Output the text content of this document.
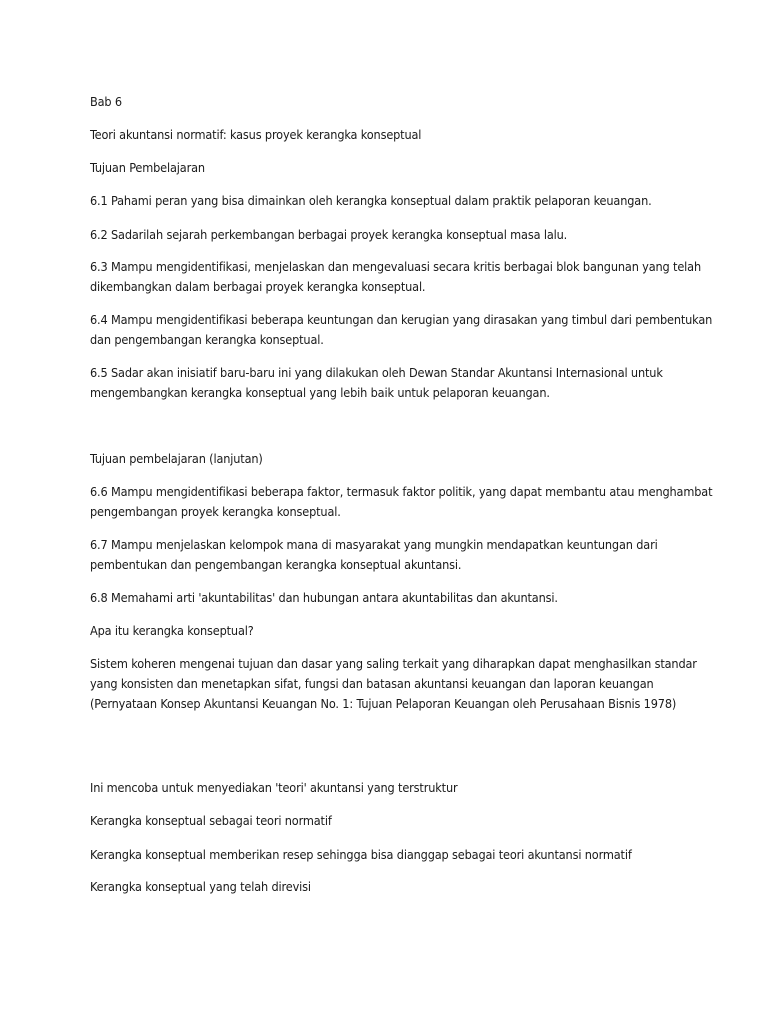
Bab 6

Teori akuntansi normatif: kasus proyek kerangka konseptual

Tujuan Pembelajaran

6.1 Pahami peran yang bisa dimainkan oleh kerangka konseptual dalam praktik pelaporan keuangan.

6.2 Sadarilah sejarah perkembangan berbagai proyek kerangka konseptual masa lalu.

6.3 Mampu mengidentifikasi, menjelaskan dan mengevaluasi secara kritis berbagai blok bangunan yang telah dikembangkan dalam berbagai proyek kerangka konseptual.

6.4 Mampu mengidentifikasi beberapa keuntungan dan kerugian yang dirasakan yang timbul dari pembentukan dan pengembangan kerangka konseptual.

6.5 Sadar akan inisiatif baru-baru ini yang dilakukan oleh Dewan Standar Akuntansi Internasional untuk mengembangkan kerangka konseptual yang lebih baik untuk pelaporan keuangan.

Tujuan pembelajaran (lanjutan)

6.6 Mampu mengidentifikasi beberapa faktor, termasuk faktor politik, yang dapat membantu atau menghambat pengembangan proyek kerangka konseptual.

6.7 Mampu menjelaskan kelompok mana di masyarakat yang mungkin mendapatkan keuntungan dari pembentukan dan pengembangan kerangka konseptual akuntansi.

6.8 Memahami arti 'akuntabilitas' dan hubungan antara akuntabilitas dan akuntansi.

Apa itu kerangka konseptual?

Sistem koheren mengenai tujuan dan dasar yang saling terkait yang diharapkan dapat menghasilkan standar yang konsisten dan menetapkan sifat, fungsi dan batasan akuntansi keuangan dan laporan keuangan (Pernyataan Konsep Akuntansi Keuangan No. 1: Tujuan Pelaporan Keuangan oleh Perusahaan Bisnis 1978)

Ini mencoba untuk menyediakan 'teori' akuntansi yang terstruktur

Kerangka konseptual sebagai teori normatif

Kerangka konseptual memberikan resep sehingga bisa dianggap sebagai teori akuntansi normatif

Kerangka konseptual yang telah direvisi
